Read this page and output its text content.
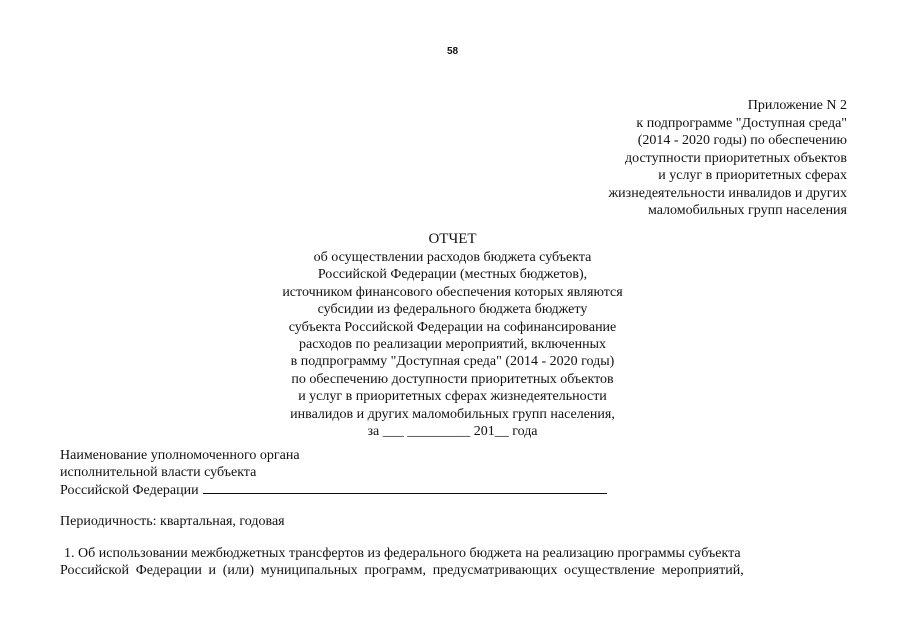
58
Приложение N 2
к подпрограмме "Доступная среда"
(2014 - 2020 годы) по обеспечению
доступности приоритетных объектов
и услуг в приоритетных сферах
жизнедеятельности инвалидов и других
маломобильных групп населения
ОТЧЕТ
об осуществлении расходов бюджета субъекта
Российской Федерации (местных бюджетов),
источником финансового обеспечения которых являются
субсидии из федерального бюджета бюджету
субъекта Российской Федерации на софинансирование
расходов по реализации мероприятий, включенных
в подпрограмму "Доступная среда" (2014 - 2020 годы)
по обеспечению доступности приоритетных объектов
и услуг в приоритетных сферах жизнедеятельности
инвалидов и других маломобильных групп населения,
за ___ _________ 201__ года
Наименование уполномоченного органа
исполнительной власти субъекта
Российской Федерации
Периодичность: квартальная, годовая
1. Об использовании межбюджетных трансфертов из федерального бюджета на реализацию программы субъекта
Российской Федерации и (или) муниципальных программ, предусматривающих осуществление мероприятий,
